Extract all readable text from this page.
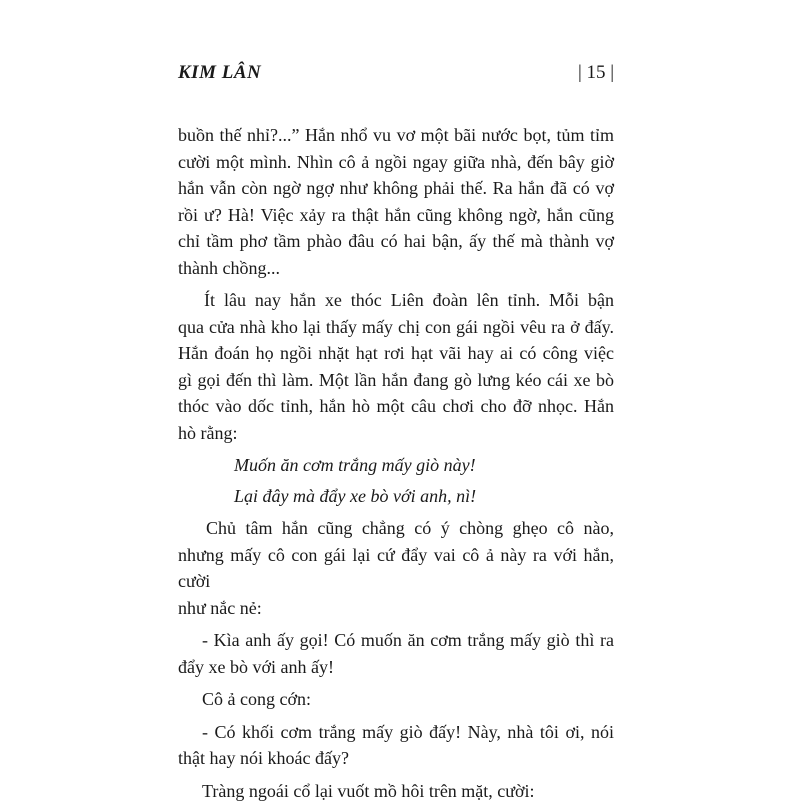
KIM LÂN	| 15 |

buồn thế nhỉ?...” Hắn nhổ vu vơ một bãi nước bọt, tủm tỉm
cười một mình. Nhìn cô ả ngồi ngay giữa nhà, đến bây giờ
hắn vẫn còn ngờ ngợ như không phải thế. Ra hắn đã có vợ
rồi ư? Hà! Việc xảy ra thật hắn cũng không ngờ, hắn cũng
chỉ tầm phơ tầm phào đâu có hai bận, ấy thế mà thành vợ
thành chồng...

Ít lâu nay hắn xe thóc Liên đoàn lên tỉnh. Mỗi bận
qua cửa nhà kho lại thấy mấy chị con gái ngồi vêu ra ở đấy.
Hắn đoán họ ngồi nhặt hạt rơi hạt vãi hay ai có công việc
gì gọi đến thì làm. Một lần hắn đang gò lưng kéo cái xe bò
thóc vào dốc tỉnh, hắn hò một câu chơi cho đỡ nhọc. Hắn
hò rằng:

Muốn ăn cơm trắng mấy giò này!
Lại đây mà đẩy xe bò với anh, nì!

Chủ tâm hắn cũng chẳng có ý chòng ghẹo cô nào,
nhưng mấy cô con gái lại cứ đẩy vai cô ả này ra với hắn, cười
như nắc nẻ:

- Kìa anh ấy gọi! Có muốn ăn cơm trắng mấy giò thì ra
đẩy xe bò với anh ấy!

Cô ả cong cớn:

- Có khối cơm trắng mấy giò đấy! Này, nhà tôi ơi, nói
thật hay nói khoác đấy?

Tràng ngoái cổ lại vuốt mồ hôi trên mặt, cười:
